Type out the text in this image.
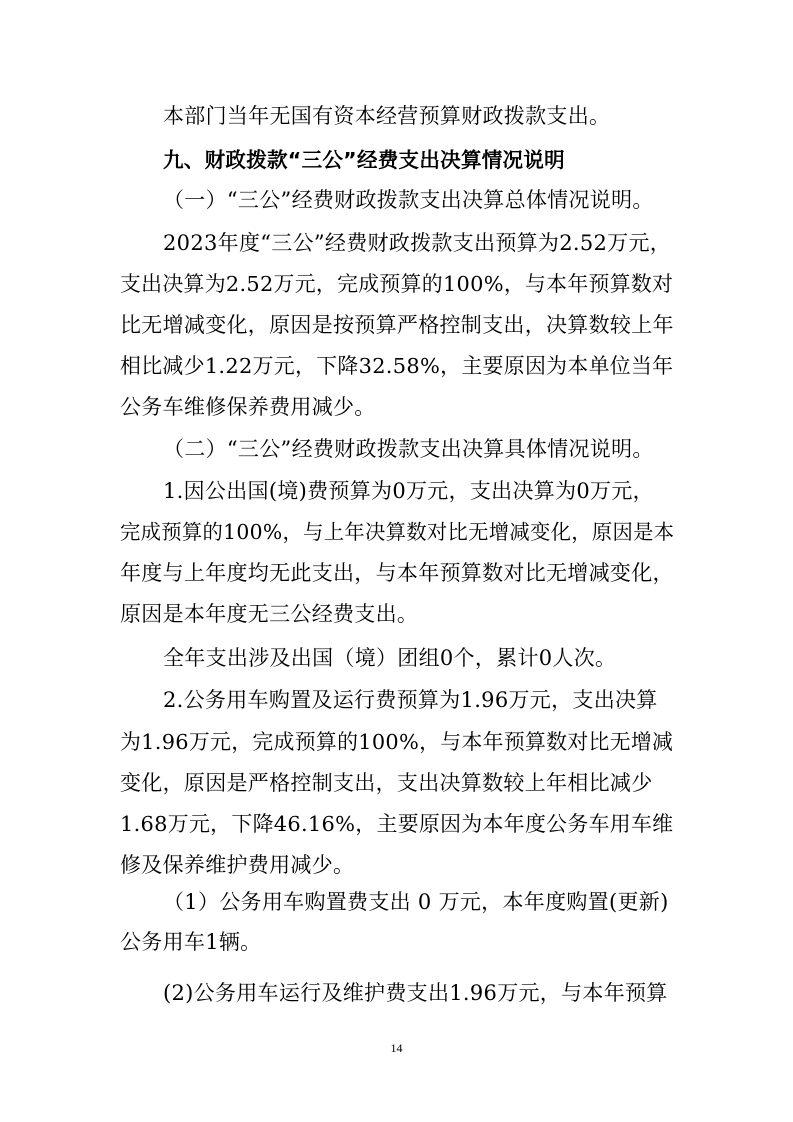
本部门当年无国有资本经营预算财政拨款支出。
九、财政拨款“三公”经费支出决算情况说明
（一）“三公”经费财政拨款支出决算总体情况说明。
2023年度“三公”经费财政拨款支出预算为2.52万元，
支出决算为2.52万元，完成预算的100%，与本年预算数对
比无增减变化，原因是按预算严格控制支出，决算数较上年
相比减少1.22万元，下降32.58%，主要原因为本单位当年
公务车维修保养费用减少。
（二）“三公”经费财政拨款支出决算具体情况说明。
1.因公出国(境)费预算为0万元，支出决算为0万元，
完成预算的100%，与上年决算数对比无增减变化，原因是本
年度与上年度均无此支出，与本年预算数对比无增减变化，
原因是本年度无三公经费支出。
全年支出涉及出国（境）团组0个，累计0人次。
2.公务用车购置及运行费预算为1.96万元，支出决算
为1.96万元，完成预算的100%，与本年预算数对比无增减
变化，原因是严格控制支出，支出决算数较上年相比减少
1.68万元，下降46.16%，主要原因为本年度公务车用车维
修及保养维护费用减少。
（1）公务用车购置费支出 0 万元，本年度购置(更新)
公务用车1辆。
(2)公务用车运行及维护费支出1.96万元，与本年预算
14
